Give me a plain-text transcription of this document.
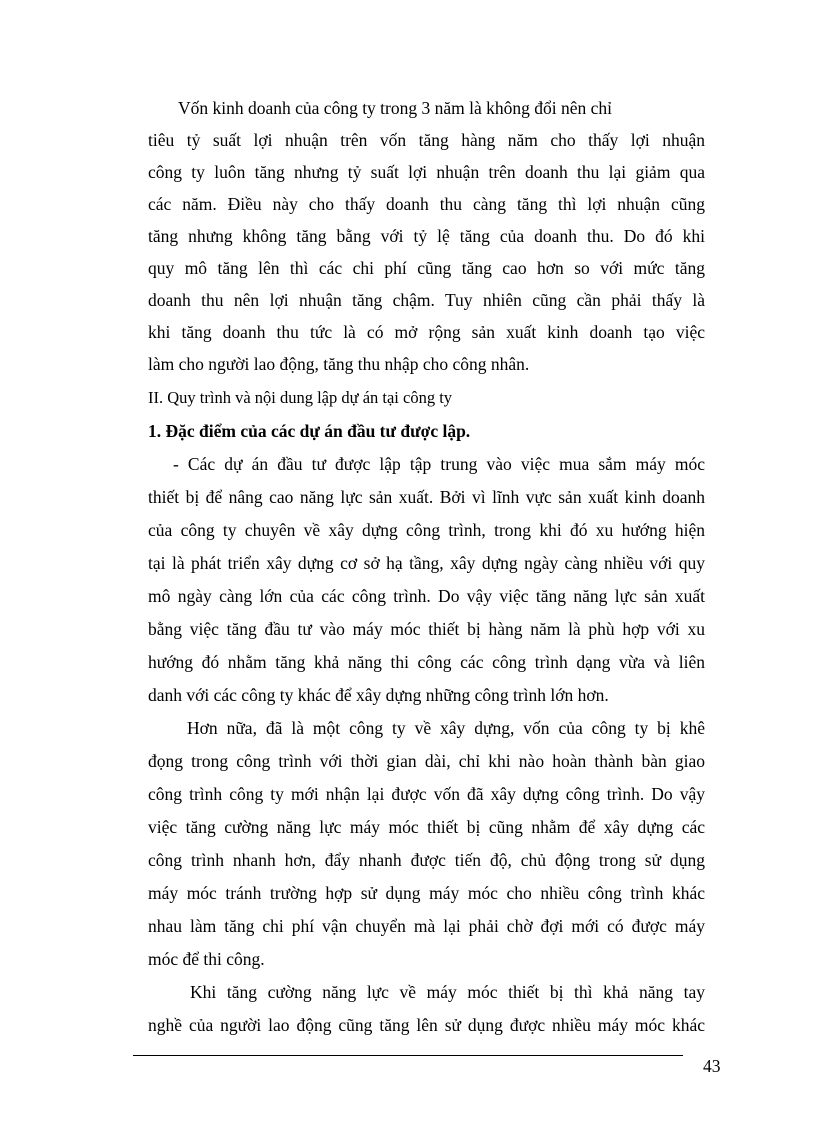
Vốn kinh doanh của công ty trong 3 năm là không đổi nên chỉ
tiêu tỷ suất lợi nhuận trên vốn tăng hàng năm cho thấy lợi nhuận
công ty luôn tăng nhưng tỷ suất lợi nhuận trên doanh thu lại giảm qua
các năm. Điều này cho thấy doanh thu càng tăng thì lợi nhuận cũng
tăng nhưng không tăng bằng với tỷ lệ tăng của doanh thu. Do đó khi
quy mô tăng lên thì các chi phí cũng tăng cao hơn so với mức tăng
doanh thu nên lợi nhuận tăng chậm. Tuy nhiên cũng cần phải thấy là
khi tăng doanh thu tức là có mở rộng sản xuất kinh doanh tạo việc
làm cho người lao động, tăng thu nhập cho công nhân.
II. Quy trình và nội dung lập dự án tại công ty
1. Đặc điểm của các dự án đầu tư được lập.
- Các dự án đầu tư được lập tập trung vào việc mua sắm máy móc
thiết bị để nâng cao năng lực sản xuất. Bởi vì lĩnh vực sản xuất kinh doanh
của công ty chuyên về xây dựng công trình, trong khi đó xu hướng hiện
tại là phát triển xây dựng cơ sở hạ tầng, xây dựng ngày càng nhiều với quy
mô ngày càng lớn của các công trình. Do vậy việc tăng năng lực sản xuất
bằng việc tăng đầu tư vào máy móc thiết bị hàng năm là phù hợp với xu
hướng đó nhằm tăng khả năng thi công các công trình dạng vừa và liên
danh với các công ty khác để xây dựng những công trình lớn hơn.
Hơn nữa, đã là một công ty về xây dựng, vốn của công ty bị khê
đọng trong công trình với thời gian dài, chỉ khi nào hoàn thành bàn giao
công trình công ty mới nhận lại được vốn đã xây dựng công trình. Do vậy
việc tăng cường năng lực máy móc thiết bị cũng nhằm để xây dựng các
công trình nhanh hơn, đẩy nhanh được tiến độ, chủ động trong sử dụng
máy móc tránh trường hợp sử dụng máy móc cho nhiều công trình khác
nhau làm tăng chi phí vận chuyển mà lại phải chờ đợi mới có được máy
móc để thi công.
Khi tăng cường năng lực về máy móc thiết bị thì khả năng tay
nghề của người lao động cũng tăng lên sử dụng được nhiều máy móc khác
43
